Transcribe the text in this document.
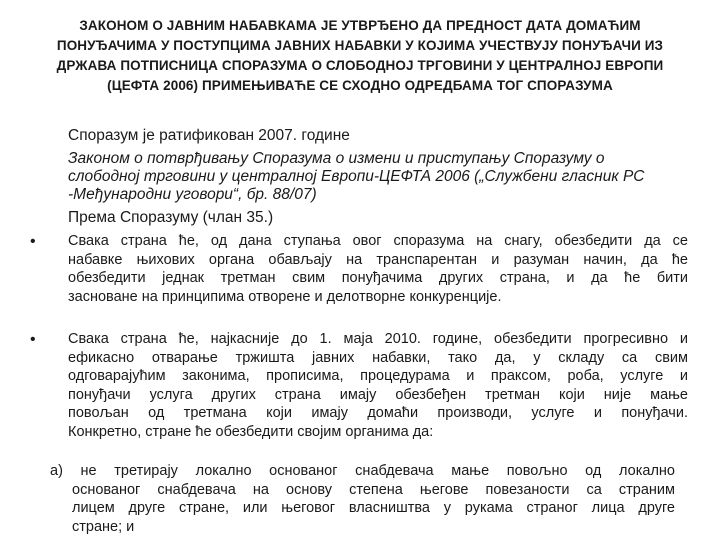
ЗАКОНОМ О ЈАВНИМ НАБАВКАМА ЈЕ УТВРЂЕНО ДА ПРЕДНОСТ ДАТА ДОМАЋИМ
ПОНУЂАЧИМА У ПОСТУПЦИМА ЈАВНИХ НАБАВКИ У КОЈИМА УЧЕСТВУЈУ ПОНУЂАЧИ ИЗ
ДРЖАВА ПОТПИСНИЦА СПОРАЗУМА О СЛОБОДНОЈ ТРГОВИНИ У ЦЕНТРАЛНОЈ ЕВРОПИ
(ЦЕФТА 2006) ПРИМЕЊИВАЋЕ СЕ СХОДНО ОДРЕДБАМА ТОГ СПОРАЗУМА
Споразум је ратификован 2007. године
Законом о потврђивању Споразума о измени и приступању Споразуму о
слободној трговини у централној Европи-ЦЕФТА 2006 („Службени гласник РС
-Међународни уговори“, бр. 88/07)
Према Споразуму (члан 35.)
• Свака страна ће, од дана ступања овог споразума на снагу, обезбедити да се
набавке њихових органа обављају на транспарентан и разуман начин, да ће
обезбедити једнак третман свим понуђачима других страна, и да ће бити
засноване на принципима отворене и делотворне конкуренције.
• Свака страна ће, најкасније до 1. маја 2010. године, обезбедити прогресивно и
ефикасно отварање тржишта јавних набавки, тако да, у складу са свим
одговарајућим законима, прописима, процедурама и праксом, роба, услуге и
понуђачи услуга других страна имају обезбеђен третман који није мање
повољан од третмана који имају домаћи производи, услуге и понуђачи.
Конкретно, стране ће обезбедити својим органима да:
а) не третирају локално основаног снабдевача мање повољно од локално
основаног снабдевача на основу степена његове повезаности са страним
лицем друге стране, или његовог власништва у рукама страног лица друге
стране; и
